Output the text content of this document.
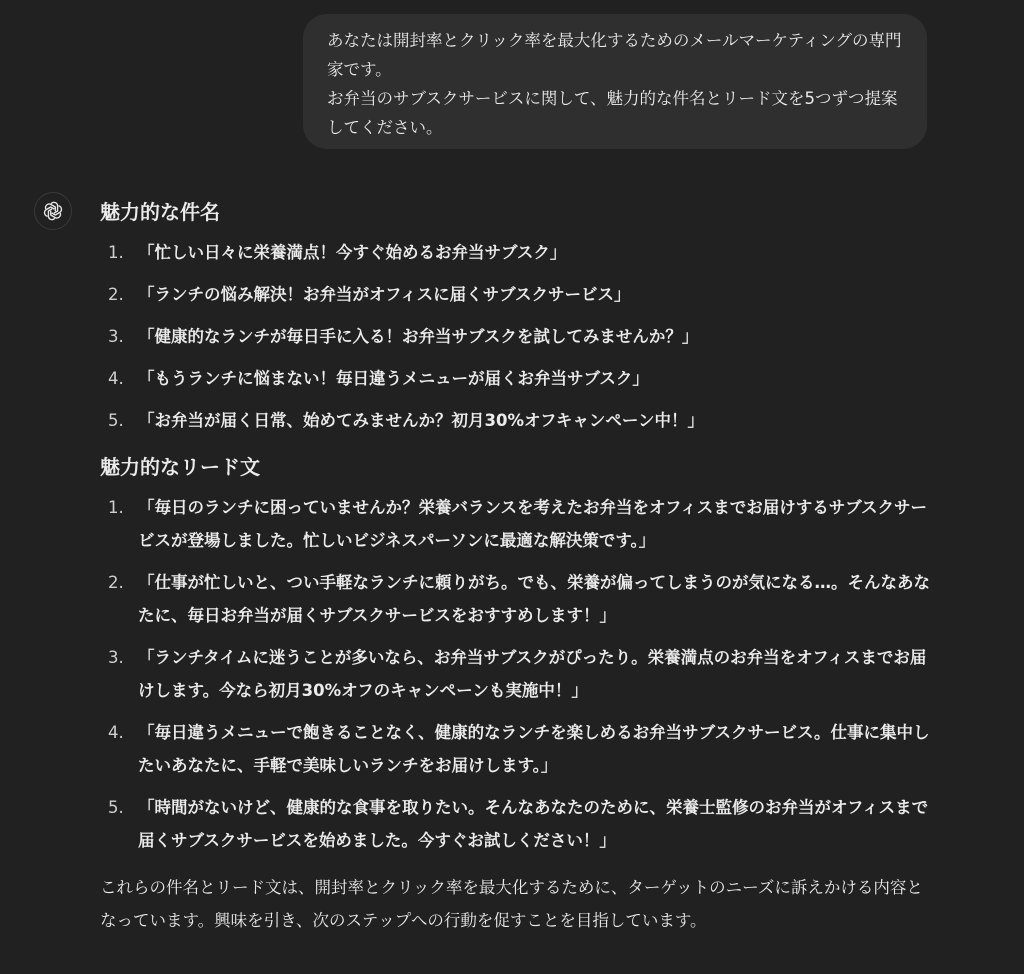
あなたは開封率とクリック率を最大化するためのメールマーケティングの専門家です。

お弁当のサブスクサービスに関して、魅力的な件名とリード文を5つずつ提案してください。

魅力的な件名
1. 「忙しい日々に栄養満点！今すぐ始めるお弁当サブスク」
2. 「ランチの悩み解決！お弁当がオフィスに届くサブスクサービス」
3. 「健康的なランチが毎日手に入る！お弁当サブスクを試してみませんか？」
4. 「もうランチに悩まない！毎日違うメニューが届くお弁当サブスク」
5. 「お弁当が届く日常、始めてみませんか？初月30%オフキャンペーン中！」
魅力的なリード文
1. 「毎日のランチに困っていませんか？栄養バランスを考えたお弁当をオフィスまでお届けするサブスクサービスが登場しました。忙しいビジネスパーソンに最適な解決策です。」
2. 「仕事が忙しいと、つい手軽なランチに頼りがち。でも、栄養が偏ってしまうのが気になる…。そんなあなたに、毎日お弁当が届くサブスクサービスをおすすめします！」
3. 「ランチタイムに迷うことが多いなら、お弁当サブスクがぴったり。栄養満点のお弁当をオフィスまでお届けします。今なら初月30%オフのキャンペーンも実施中！」
4. 「毎日違うメニューで飽きることなく、健康的なランチを楽しめるお弁当サブスクサービス。仕事に集中したいあなたに、手軽で美味しいランチをお届けします。」
5. 「時間がないけど、健康的な食事を取りたい。そんなあなたのために、栄養士監修のお弁当がオフィスまで届くサブスクサービスを始めました。今すぐお試しください！」

これらの件名とリード文は、開封率とクリック率を最大化するために、ターゲットのニーズに訴えかける内容となっています。興味を引き、次のステップへの行動を促すことを目指しています。
